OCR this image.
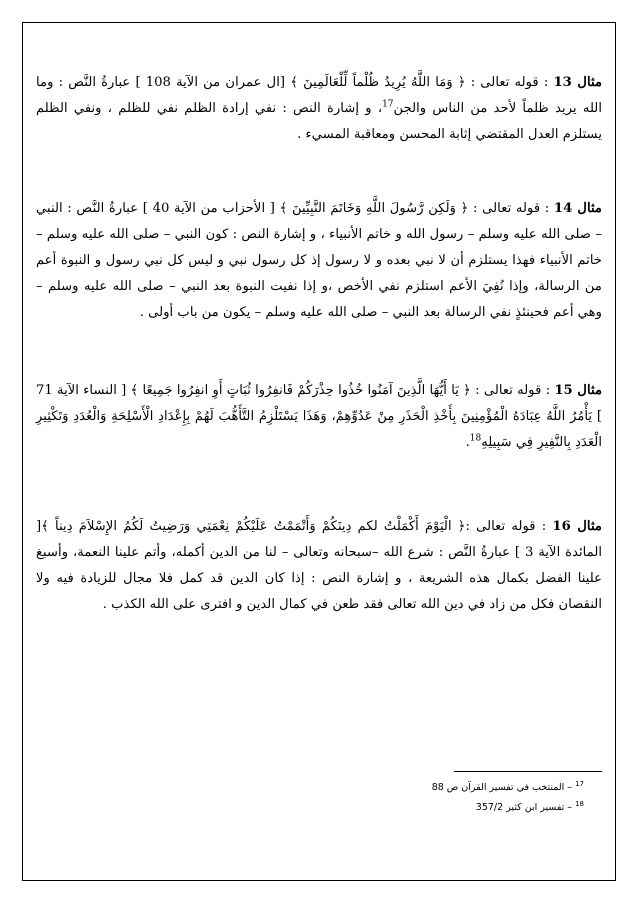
مثال 13 : قوله تعالى : ﴿ وَمَا اللَّهُ يُرِيدُ ظُلْماً لِّلْعَالَمِينَ ﴾ [ال عمران من الآية 108 ] عبارةُ النَّص : وما الله يريد ظلماً لأحد من الناس والجن$^{17}$، و إشارة النص : نفي إرادة الظلم نفي للظلم ، ونفي الظلم يستلزم العدل المقتضي إثابة المحسن ومعاقبة المسيء .

مثال 14 : قوله تعالى : ﴿ وَلَكِن رَّسُولَ اللَّهِ وَخَاتَمَ النَّبِيِّينَ ﴾ [ الأحزاب من الآية 40 ] عبارةُ النَّص : النبي – صلى الله عليه وسلم – رسول الله و خاتم الأنبياء ، و إشارة النص : كون النبي – صلى الله عليه وسلم – خاتم الأنبياء فهذا يستلزم أن لا نبي بعده و لا رسول إذ كل رسول نبي و ليس كل نبي رسول و النبوة أعم من الرسالة، وإذا نُفِيَ الأعم استلزم نفي الأخص ،و إذا نفيت النبوة بعد النبي – صلى الله عليه وسلم – وهي أعم فحينئذٍ نفي الرسالة بعد النبي – صلى الله عليه وسلم – يكون من باب أولى .

مثال 15 : قوله تعالى : ﴿ يَا أَيُّهَا الَّذِينَ آمَنُوا خُذُوا حِذْرَكُمْ فَانفِرُوا ثُبَاتٍ أَوِ انفِرُوا جَمِيعًا ﴾ [ النساء الآية 71 ] يَأْمُرُ اللَّهُ عِبَادَهُ الْمُؤْمِنِينَ بِأَخْذِ الْحَذَرِ مِنْ عَدُوِّهِمْ، وَهَذَا يَسْتَلْزِمُ التَّأَهُّبَ لَهُمْ بِإِعْدَادِ الْأَسْلِحَةِ وَالْعُدَدِ وَتَكْثِيرِ الْعَدَدِ بِالنَّفِيرِ فِي سَبِيلِهِ$^{18}$.

مثال 16 : قوله تعالى :﴿ الْيَوْمَ أَكْمَلْتُ لكم دِينَكُمْ وَأَتْمَمْتُ عَلَيْكُمْ نِعْمَتِي وَرَضِيتُ لَكُمُ الإِسْلاَمَ دِيناً ﴾[ المائدة الآية 3 ] عبارةُ النَّص : شرع الله –سبحانه وتعالى – لنا من الدين أكمله، وأتم علينا النعمة، وأسبغ علينا الفضل بكمال هذه الشريعة ، و إشارة النص : إذا كان الدين قد كمل فلا مجال للزيادة فيه ولا النقصان فكل من زاد في دين الله تعالى فقد طعن في كمال الدين و افترى على الله الكذب .

$^{17}$ – المنتخب في تفسير القرآن ص 88

$^{18}$ – تفسير ابن كثير 357/2
